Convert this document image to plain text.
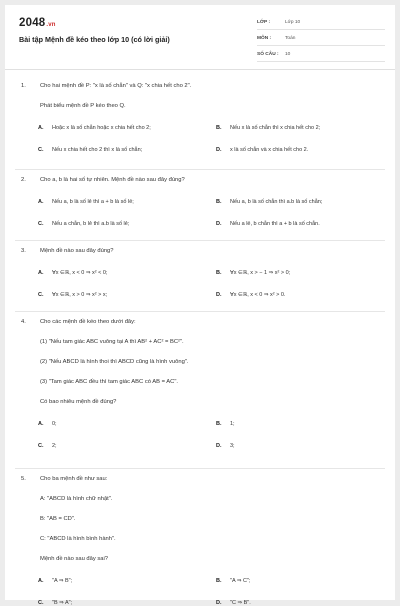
2048.vn
Bài tập Mệnh đề kéo theo lớp 10 (có lời giải)
LỚP :	Lớp 10
MÔN :	Toán
SỐ CÂU :	10
1. Cho hai mệnh đề P: "x là số chẵn" và Q: "x chia hết cho 2".
Phát biểu mệnh đề P kéo theo Q.
A. Hoặc x là số chẵn hoặc x chia hết cho 2;	B. Nếu x là số chẵn thì x chia hết cho 2;
C. Nếu x chia hết cho 2 thì x là số chẵn;	D. x là số chẵn và x chia hết cho 2.
2. Cho a, b là hai số tự nhiên. Mệnh đề nào sau đây đúng?
A. Nếu a, b là số lẻ thì a + b là số lẻ;	B. Nếu a, b là số chẵn thì a.b là số chẵn;
C. Nếu a chẵn, b lẻ thì a.b là số lẻ;	D. Nếu a lẻ, b chẵn thì a + b là số chẵn.
3. Mệnh đề nào sau đây đúng?
A. ∀x ∈ℝ, x < 0 ⇒ x² < 0;	B. ∀x ∈ℝ, x > − 1 ⇒ x² > 0;
C. ∀x ∈ℝ, x > 0 ⇒ x² > x;	D. ∀x ∈ℝ, x < 0 ⇒ x² > 0.
4. Cho các mệnh đề kéo theo dưới đây:
(1) "Nếu tam giác ABC vuông tại A thì AB² + AC² = BC²".
(2) "Nếu ABCD là hình thoi thì ABCD cũng là hình vuông".
(3) "Tam giác ABC đều thì tam giác ABC có AB = AC".
Có bao nhiêu mệnh đề đúng?
A. 0;	B. 1;
C. 2;	D. 3;
5. Cho ba mệnh đề như sau:
A: "ABCD là hình chữ nhật".
B: "AB = CD".
C: "ABCD là hình bình hành".
Mệnh đề nào sau đây sai?
A. "A ⇒ B";	B. "A ⇒ C";
C. "B ⇒ A";	D. "C ⇒ B".
